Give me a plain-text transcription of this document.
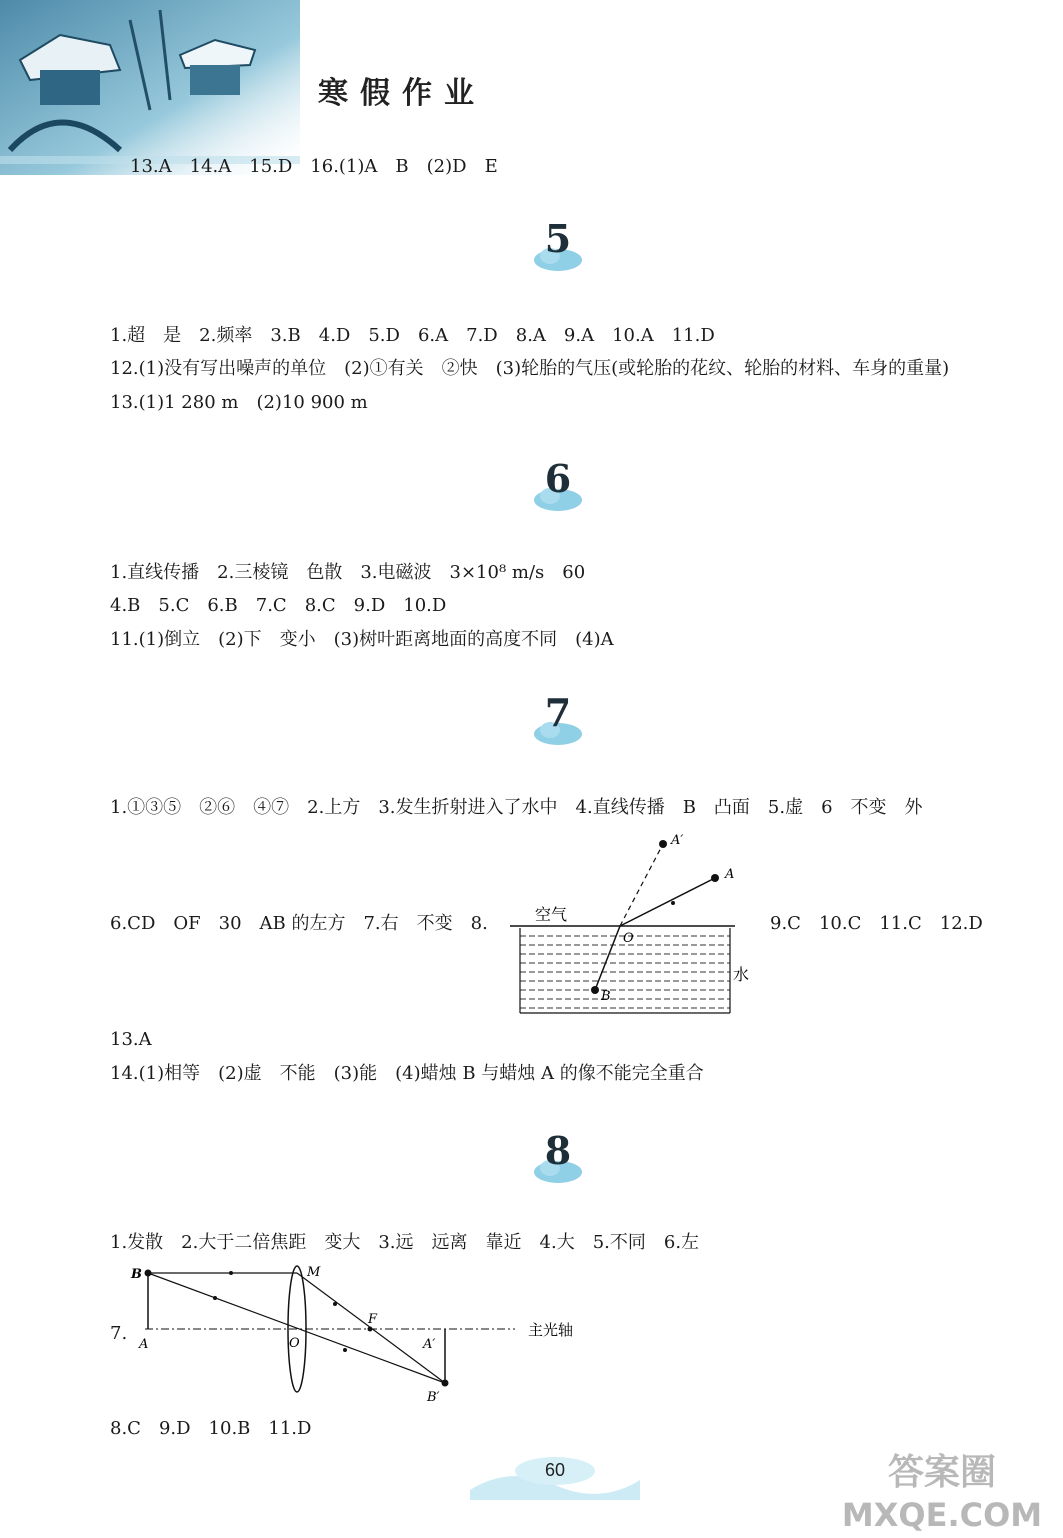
寒假作业
13.A　14.A　15.D　16.(1)A　B　(2)D　E
5
1.超　是　2.频率　3.B　4.D　5.D　6.A　7.D　8.A　9.A　10.A　11.D
12.(1)没有写出噪声的单位　(2)①有关　②快　(3)轮胎的气压(或轮胎的花纹、轮胎的材料、车身的重量)
13.(1)1 280 m　(2)10 900 m
6
1.直线传播　2.三棱镜　色散　3.电磁波　3×10⁸ m/s　60
4.B　5.C　6.B　7.C　8.C　9.D　10.D
11.(1)倒立　(2)下　变小　(3)树叶距离地面的高度不同　(4)A
7
1.①③⑤　②⑥　④⑦　2.上方　3.发生折射进入了水中　4.直线传播　B　凸面　5.虚　6　不变　外
6.CD　OF　30　AB 的左方　7.右　不变　8.	9.C　10.C　11.C　12.D
空气
水
A
A′
O
B
13.A
14.(1)相等　(2)虚　不能　(3)能　(4)蜡烛 B 与蜡烛 A 的像不能完全重合
8
1.发散　2.大于二倍焦距　变大　3.远　远离　靠近　4.大　5.不同　6.左
7.
B
A
M
F
O	A′
B′
主光轴
8.C　9.D　10.B　11.D
60	答案圈
MXQE.COM
